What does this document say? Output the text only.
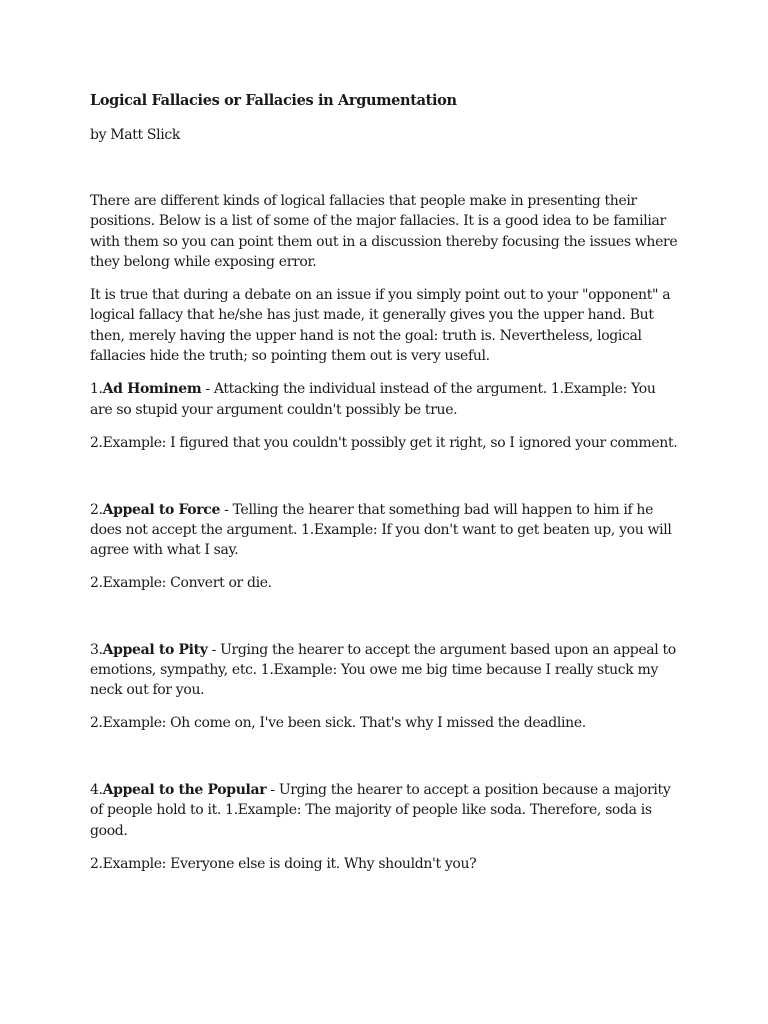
Logical Fallacies or Fallacies in Argumentation
by Matt Slick
There are different kinds of logical fallacies that people make in presenting their
positions. Below is a list of some of the major fallacies. It is a good idea to be familiar
with them so you can point them out in a discussion thereby focusing the issues where
they belong while exposing error.
It is true that during a debate on an issue if you simply point out to your "opponent" a
logical fallacy that he/she has just made, it generally gives you the upper hand. But
then, merely having the upper hand is not the goal: truth is. Nevertheless, logical
fallacies hide the truth; so pointing them out is very useful.
1.Ad Hominem - Attacking the individual instead of the argument. 1.Example: You
are so stupid your argument couldn't possibly be true.
2.Example: I figured that you couldn't possibly get it right, so I ignored your comment.
2.Appeal to Force - Telling the hearer that something bad will happen to him if he
does not accept the argument. 1.Example: If you don't want to get beaten up, you will
agree with what I say.
2.Example: Convert or die.
3.Appeal to Pity - Urging the hearer to accept the argument based upon an appeal to
emotions, sympathy, etc. 1.Example: You owe me big time because I really stuck my
neck out for you.
2.Example: Oh come on, I've been sick. That's why I missed the deadline.
4.Appeal to the Popular - Urging the hearer to accept a position because a majority
of people hold to it. 1.Example: The majority of people like soda. Therefore, soda is
good.
2.Example: Everyone else is doing it. Why shouldn't you?
